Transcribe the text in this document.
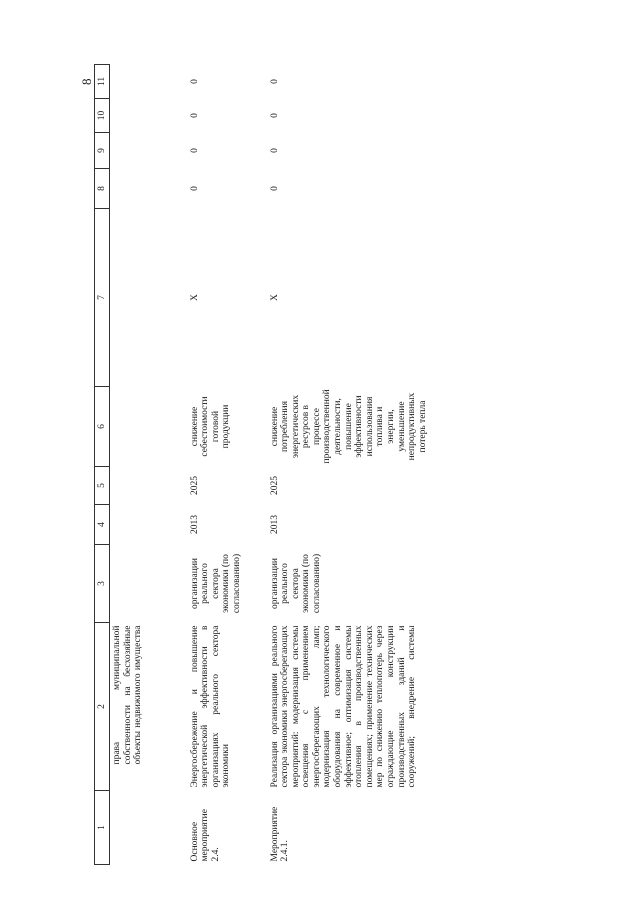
8
1	2	3	4	5	6	7	8	9	10	11
	права муниципальной собственности на бесхозяйные объекты недвижимого имущества									
Основное мероприятие 2.4.	Энергосбережение и повышение энергетической эффективности в организациях реального сектора экономики	организации реального сектора экономики (по согласованию)	2013	2025	снижение себестоимости готовой продукции	X	0	0	0	0
Мероприятие 2.4.1.	Реализация организациями реального сектора экономики энергосберегающих мероприятий: модернизация системы освещения с применением энергосберегающих ламп; модернизация технологического оборудования на современное и эффективное; оптимизация системы отопления в производственных помещениях; применение технических мер по снижению теплопотерь через ограждающие конструкции производственных зданий и сооружений; внедрение системы	организации реального сектора экономики (по согласованию)	2013	2025	снижение потребления энергетических ресурсов в процессе производственной деятельности, повышение эффективности использования топлива и энергии, уменьшение непродуктивных потерь тепла	X	0	0	0	0
